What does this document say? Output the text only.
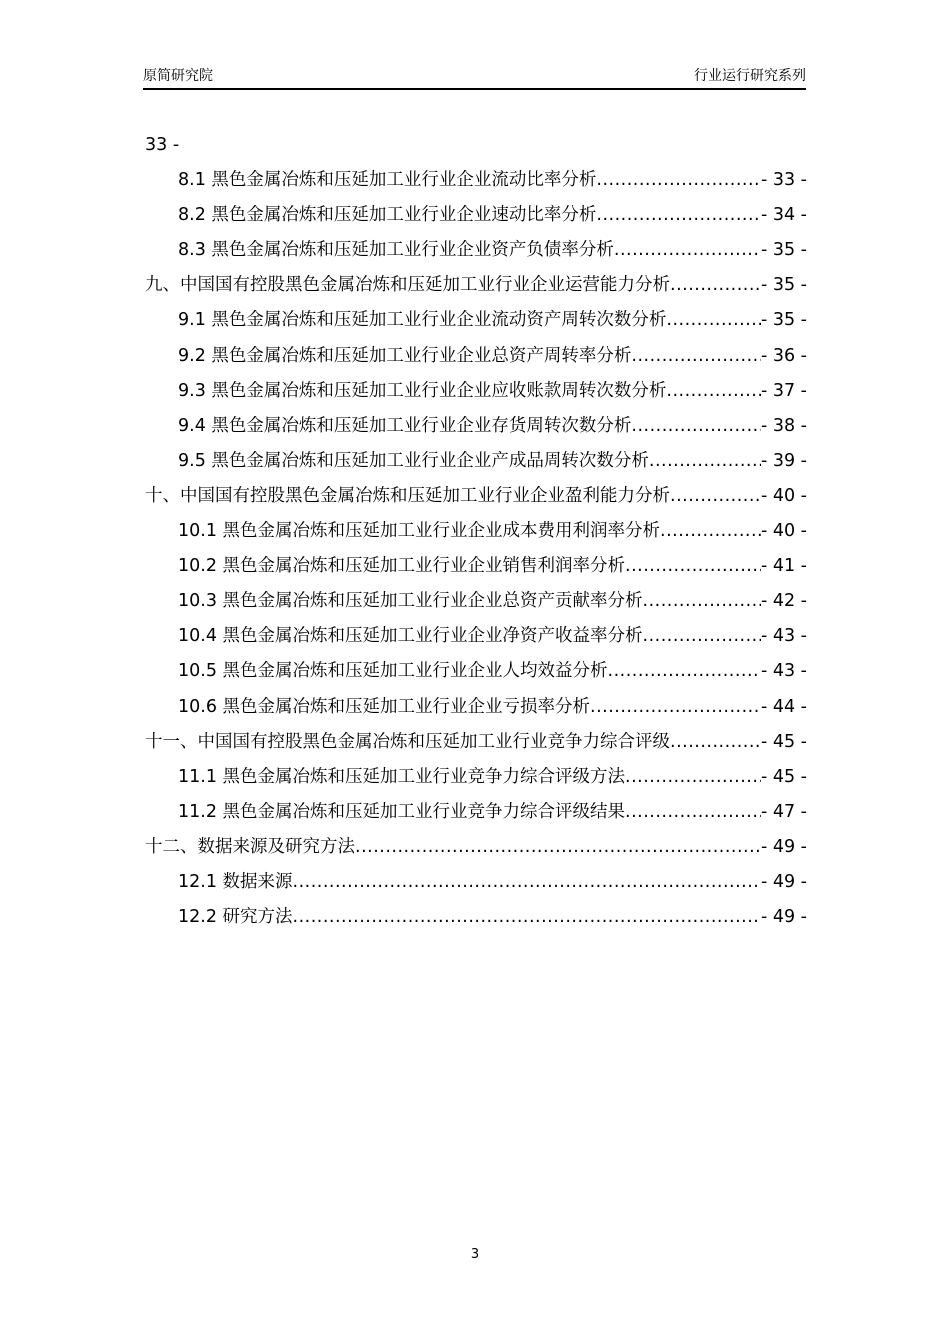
原简研究院	行业运行研究系列
33 -
8.1 黑色金属冶炼和压延加工业行业企业流动比率分析 .....	- 33 -
8.2 黑色金属冶炼和压延加工业行业企业速动比率分析 .....	- 34 -
8.3 黑色金属冶炼和压延加工业行业企业资产负债率分析 .....	- 35 -
九、中国国有控股黑色金属冶炼和压延加工业行业企业运营能力分析 .....	- 35 -
9.1 黑色金属冶炼和压延加工业行业企业流动资产周转次数分析 .....	- 35 -
9.2 黑色金属冶炼和压延加工业行业企业总资产周转率分析 .....	- 36 -
9.3 黑色金属冶炼和压延加工业行业企业应收账款周转次数分析 .....	- 37 -
9.4 黑色金属冶炼和压延加工业行业企业存货周转次数分析 .....	- 38 -
9.5 黑色金属冶炼和压延加工业行业企业产成品周转次数分析 .....	- 39 -
十、中国国有控股黑色金属冶炼和压延加工业行业企业盈利能力分析 .....	- 40 -
10.1 黑色金属冶炼和压延加工业行业企业成本费用利润率分析 .....	- 40 -
10.2 黑色金属冶炼和压延加工业行业企业销售利润率分析 .....	- 41 -
10.3 黑色金属冶炼和压延加工业行业企业总资产贡献率分析 .....	- 42 -
10.4 黑色金属冶炼和压延加工业行业企业净资产收益率分析 .....	- 43 -
10.5 黑色金属冶炼和压延加工业行业企业人均效益分析 .....	- 43 -
10.6 黑色金属冶炼和压延加工业行业企业亏损率分析 .....	- 44 -
十一、中国国有控股黑色金属冶炼和压延加工业行业竞争力综合评级 .....	- 45 -
11.1 黑色金属冶炼和压延加工业行业竞争力综合评级方法 .....	- 45 -
11.2 黑色金属冶炼和压延加工业行业竞争力综合评级结果 .....	- 47 -
十二、数据来源及研究方法 .....	- 49 -
12.1 数据来源 .....	- 49 -
12.2 研究方法 .....	- 49 -
3
